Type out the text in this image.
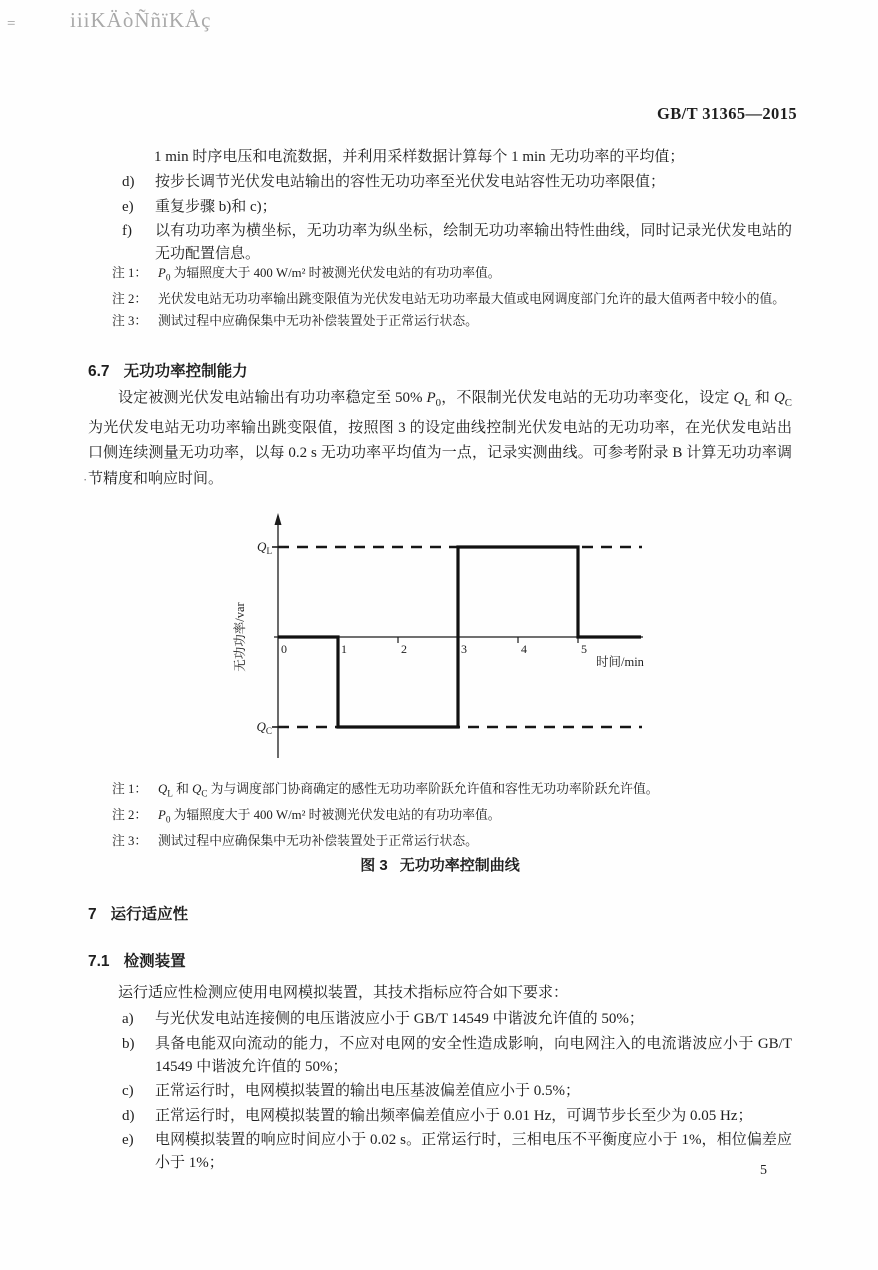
=	iiiKÄòÑñïKÅç
GB/T 31365—2015
·
1 min 时序电压和电流数据，并利用采样数据计算每个 1 min 无功功率的平均值；
d) 按步长调节光伏发电站输出的容性无功功率至光伏发电站容性无功功率限值；
e) 重复步骤 b)和 c)；
f) 以有功功率为横坐标，无功功率为纵坐标，绘制无功功率输出特性曲线，同时记录光伏发电站的无功配置信息。
注 1： $P_0$ 为辐照度大于 400 W/m² 时被测光伏发电站的有功功率值。
注 2： 光伏发电站无功功率输出跳变限值为光伏发电站无功功率最大值或电网调度部门允许的最大值两者中较小的值。
注 3： 测试过程中应确保集中无功补偿装置处于正常运行状态。
6.7 无功功率控制能力
设定被测光伏发电站输出有功功率稳定至 50% $P_0$，不限制光伏发电站的无功功率变化，设定 $Q_L$ 和 $Q_C$ 为光伏发电站无功功率输出跳变限值，按照图 3 的设定曲线控制光伏发电站的无功功率，在光伏发电站出口侧连续测量无功功率，以每 0.2 s 无功功率平均值为一点，记录实测曲线。可参考附录 B 计算无功功率调节精度和响应时间。
0	1	2	3	4	5
$Q_L$
$Q_C$
时间/min
无功功率/var
注 1： $Q_L$ 和 $Q_C$ 为与调度部门协商确定的感性无功功率阶跃允许值和容性无功功率阶跃允许值。
注 2： $P_0$ 为辐照度大于 400 W/m² 时被测光伏发电站的有功功率值。
注 3： 测试过程中应确保集中无功补偿装置处于正常运行状态。
图 3 无功功率控制曲线
7 运行适应性
7.1 检测装置
运行适应性检测应使用电网模拟装置，其技术指标应符合如下要求：
a) 与光伏发电站连接侧的电压谐波应小于 GB/T 14549 中谐波允许值的 50%；
b) 具备电能双向流动的能力，不应对电网的安全性造成影响，向电网注入的电流谐波应小于 GB/T 14549 中谐波允许值的 50%；
c) 正常运行时，电网模拟装置的输出电压基波偏差值应小于 0.5%；
d) 正常运行时，电网模拟装置的输出频率偏差值应小于 0.01 Hz，可调节步长至少为 0.05 Hz；
e) 电网模拟装置的响应时间应小于 0.02 s。正常运行时，三相电压不平衡度应小于 1%，相位偏差应小于 1%；	5
